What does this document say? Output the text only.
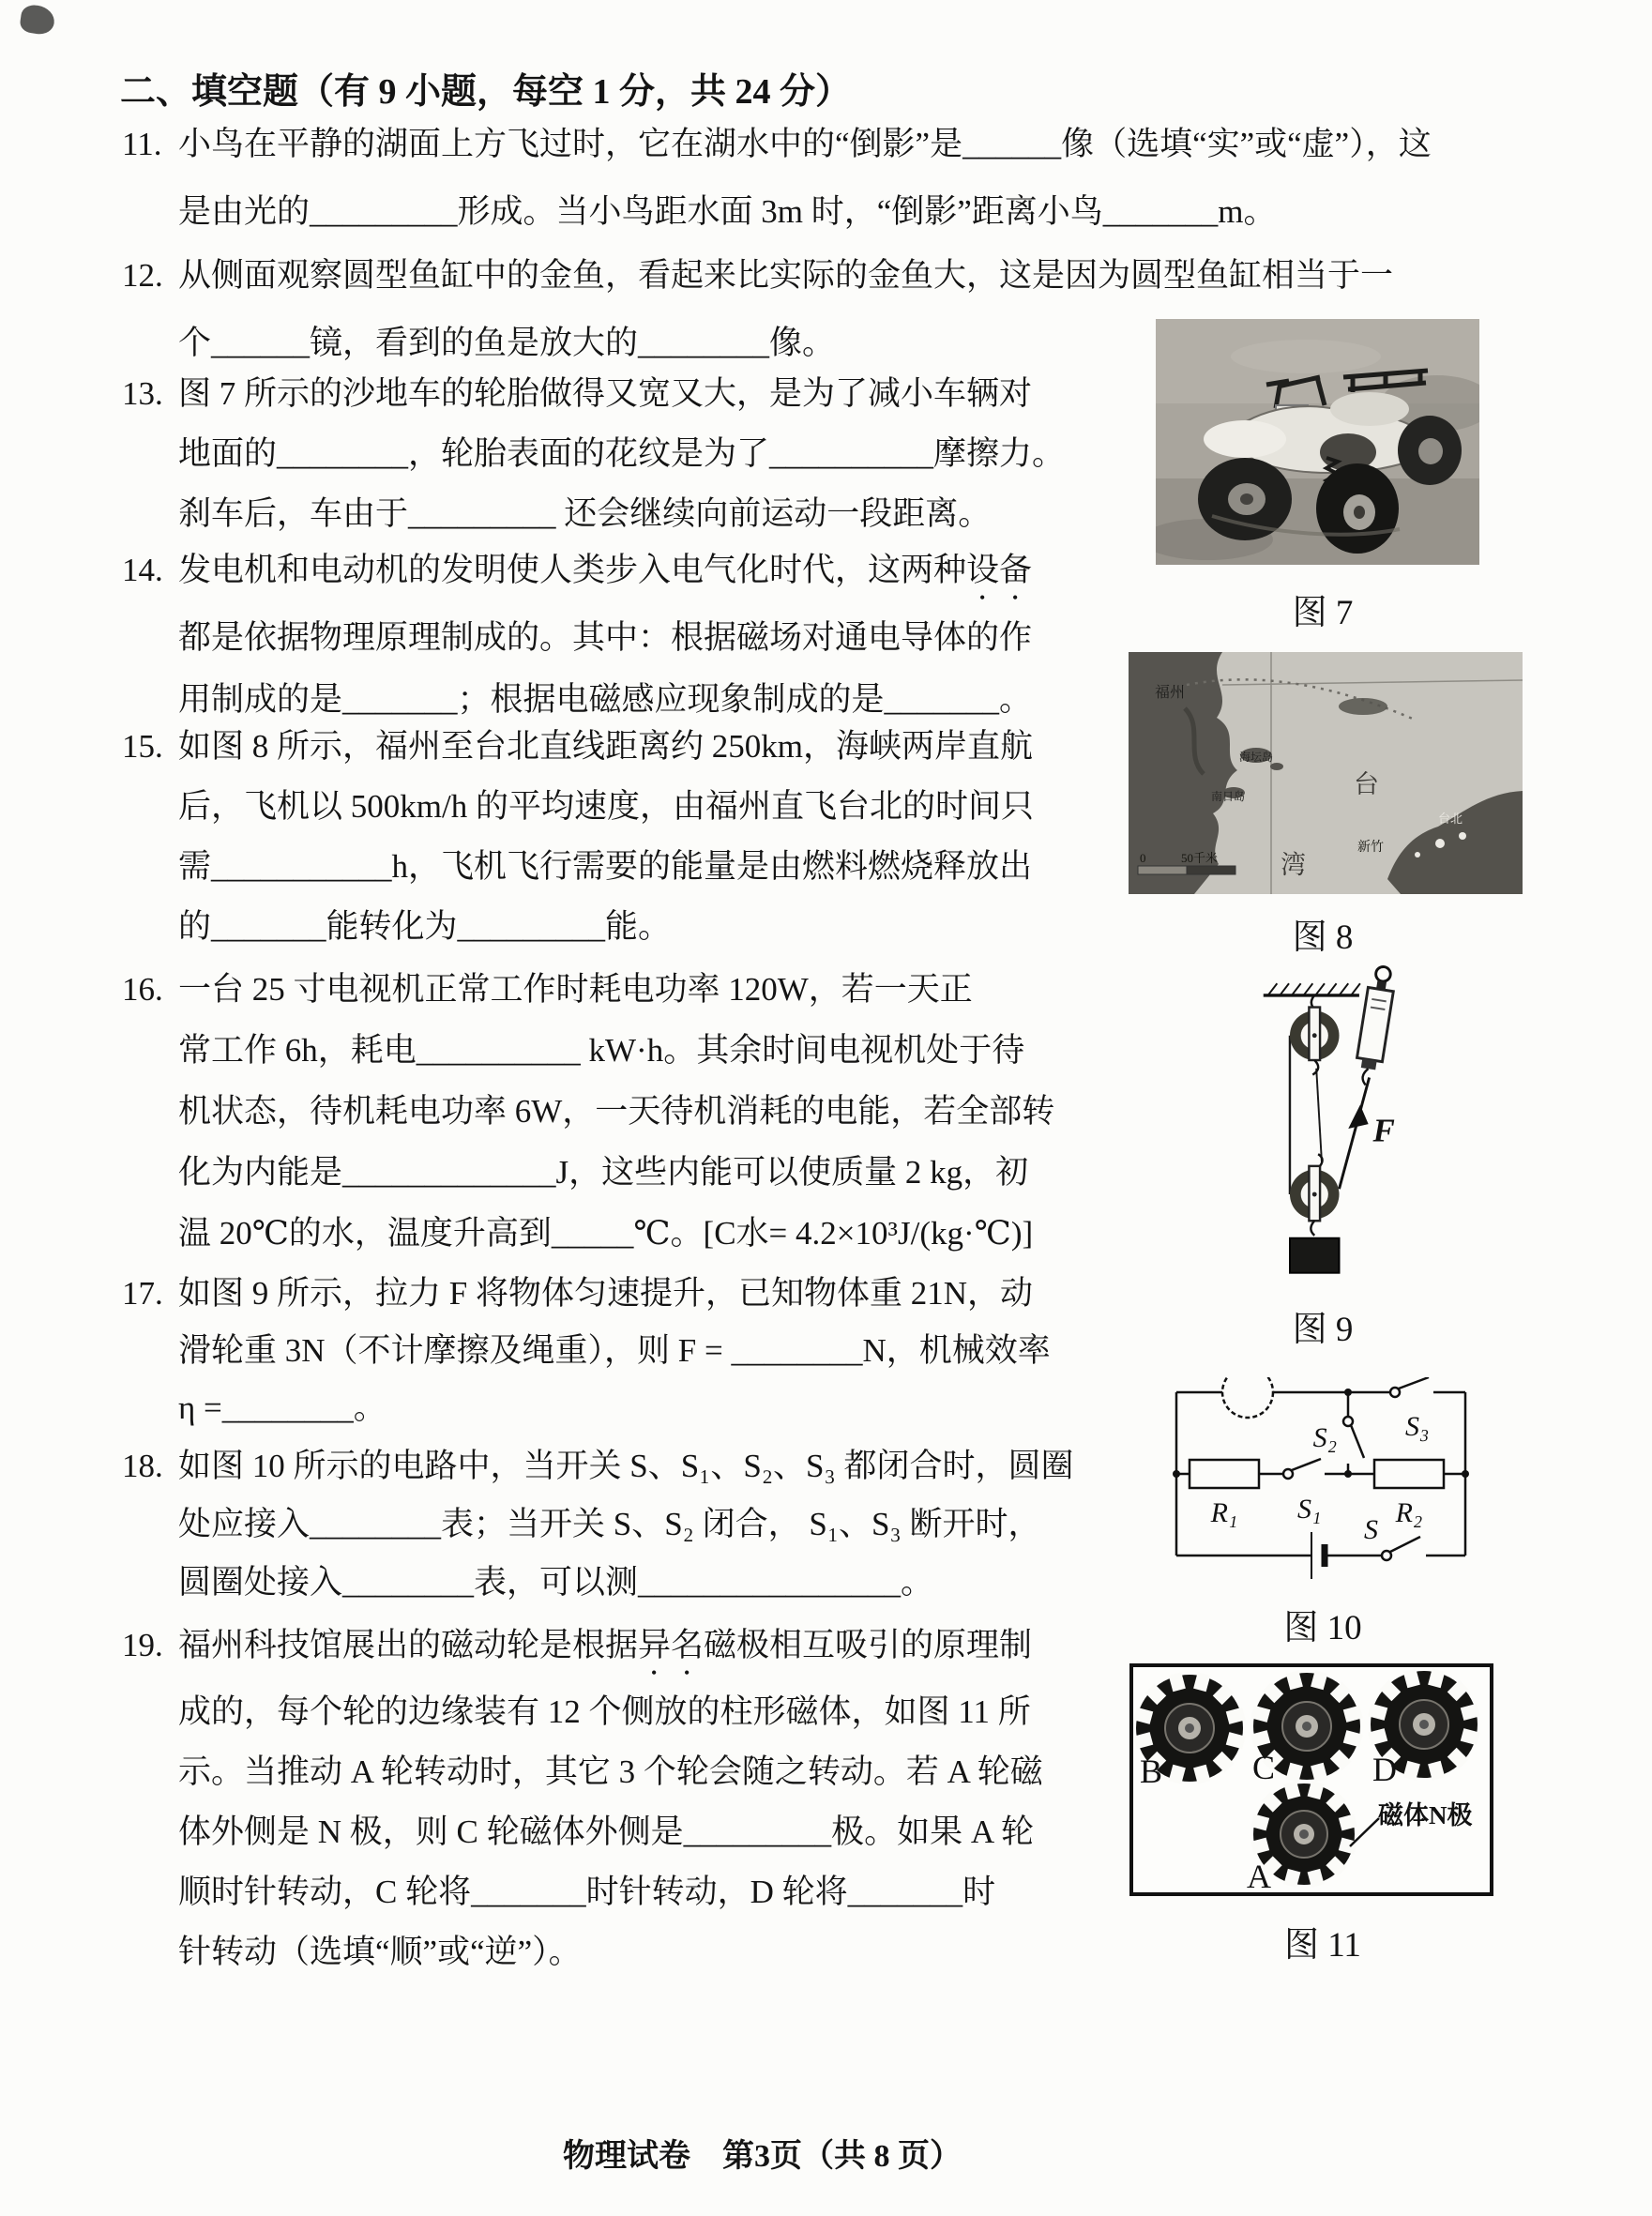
二、填空题（有 9 小题，每空 1 分，共 24 分）
11. 小鸟在平静的湖面上方飞过时，它在湖水中的“倒影”是______像（选填“实”或“虚”），这
是由光的_________形成。当小鸟距水面 3m 时，“倒影”距离小鸟_______m。
12. 从侧面观察圆型鱼缸中的金鱼，看起来比实际的金鱼大，这是因为圆型鱼缸相当于一
个______镜，看到的鱼是放大的________像。
13. 图 7 所示的沙地车的轮胎做得又宽又大，是为了减小车辆对
地面的________，轮胎表面的花纹是为了__________摩擦力。
刹车后，车由于_________ 还会继续向前运动一段距离。
14. 发电机和电动机的发明使人类步入电气化时代，这两种设备
都是依据物理原理制成的。其中：根据磁场对通电导体的作
用制成的是_______；根据电磁感应现象制成的是_______。
15. 如图 8 所示，福州至台北直线距离约 250km，海峡两岸直航
后，飞机以 500km/h 的平均速度，由福州直飞台北的时间只
需___________h，飞机飞行需要的能量是由燃料燃烧释放出
的_______能转化为_________能。
16. 一台 25 寸电视机正常工作时耗电功率 120W，若一天正
常工作 6h，耗电__________ kW·h。其余时间电视机处于待
机状态，待机耗电功率 6W，一天待机消耗的电能，若全部转
化为内能是_____________J，这些内能可以使质量 2 kg，初
温 20℃的水，温度升高到_____℃。[C水= 4.2×10³J/(kg·℃)]
17. 如图 9 所示，拉力 F 将物体匀速提升，已知物体重 21N，动
滑轮重 3N（不计摩擦及绳重），则 F = ________N，机械效率
η =________。
18. 如图 10 所示的电路中，当开关 S、S₁、S₂、S₃ 都闭合时，圆圈
处应接入________表；当开关 S、S₂ 闭合， S₁、S₃ 断开时，
圆圈处接入________表，可以测________________。
19. 福州科技馆展出的磁动轮是根据异名磁极相互吸引的原理制
成的，每个轮的边缘装有 12 个侧放的柱形磁体，如图 11 所
示。当推动 A 轮转动时，其它 3 个轮会随之转动。若 A 轮磁
体外侧是 N 极，则 C 轮磁体外侧是_________极。如果 A 轮
顺时针转动，C 轮将_______时针转动，D 轮将_______时
针转动（选填“顺”或“逆”）。
图 7
福州
海坛岛
南日岛	台
湾
新竹
台北
0	50千米
图 8
F
图 9
S₂ S₃
S₁
S
R₁	R₂
图 10
B	C	D
A
磁体N极
图 11
物理试卷　第3页（共 8 页）
